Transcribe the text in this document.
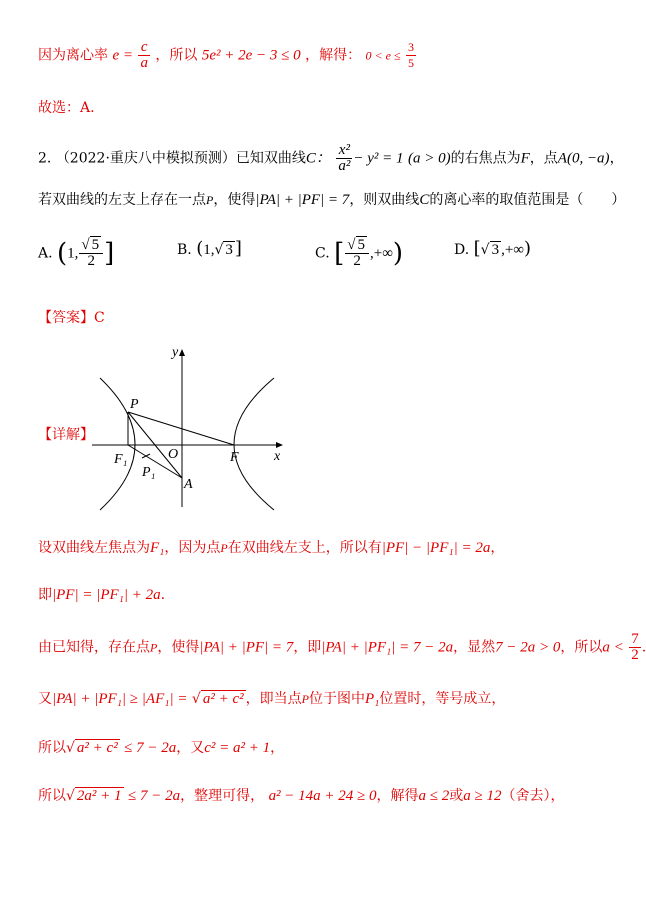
因为离心率 $e = \frac{c}{a}$ ，所以 5e² + 2e − 3 ≤ 0 ，解得： $0 < e \le \frac{3}{5}$
故选：A.
2. （2022·重庆八中模拟预测）已知双曲线C： $\frac{\text{x²}}{\text{a²}} - y^2 = 1$ (a > 0)的右焦点为F，点A(0, −a)，
若双曲线的左支上存在一点P，使得|PA| + |PF| = 7，则双曲线C的离心率的取值范围是（　　）
A. (1, $\frac{√ 5}{2}$ ]	B. (1,√ 3 ]	C. [ $\frac{√ 5}{2}$ ,+∞)	D. [√ 3 ,+∞)
【答案】C
【详解】
y
x
P
F₁	O	F
P₁
A
设双曲线左焦点为F₁，因为点P在双曲线左支上，所以有|PF| − |PF₁| = 2a，
即|PF| = |PF₁| + 2a.
由已知得，存在点P，使得|PA| + |PF| = 7，即|PA| + |PF₁| = 7 − 2a，显然7 − 2a > 0，所以$a < \frac{7}{2}$ .
又|PA| + |PF₁| ≥ |AF₁| = √ a² + c² ，即当点P位于图中P₁位置时，等号成立，
所以√ a² + c² ≤ 7 − 2a，又c² = a² + 1，
所以√ 2a² + 1 ≤ 7 − 2a，整理可得， a² − 14a + 24 ≥ 0，解得a ≤ 2或a ≥ 12（舍去），
